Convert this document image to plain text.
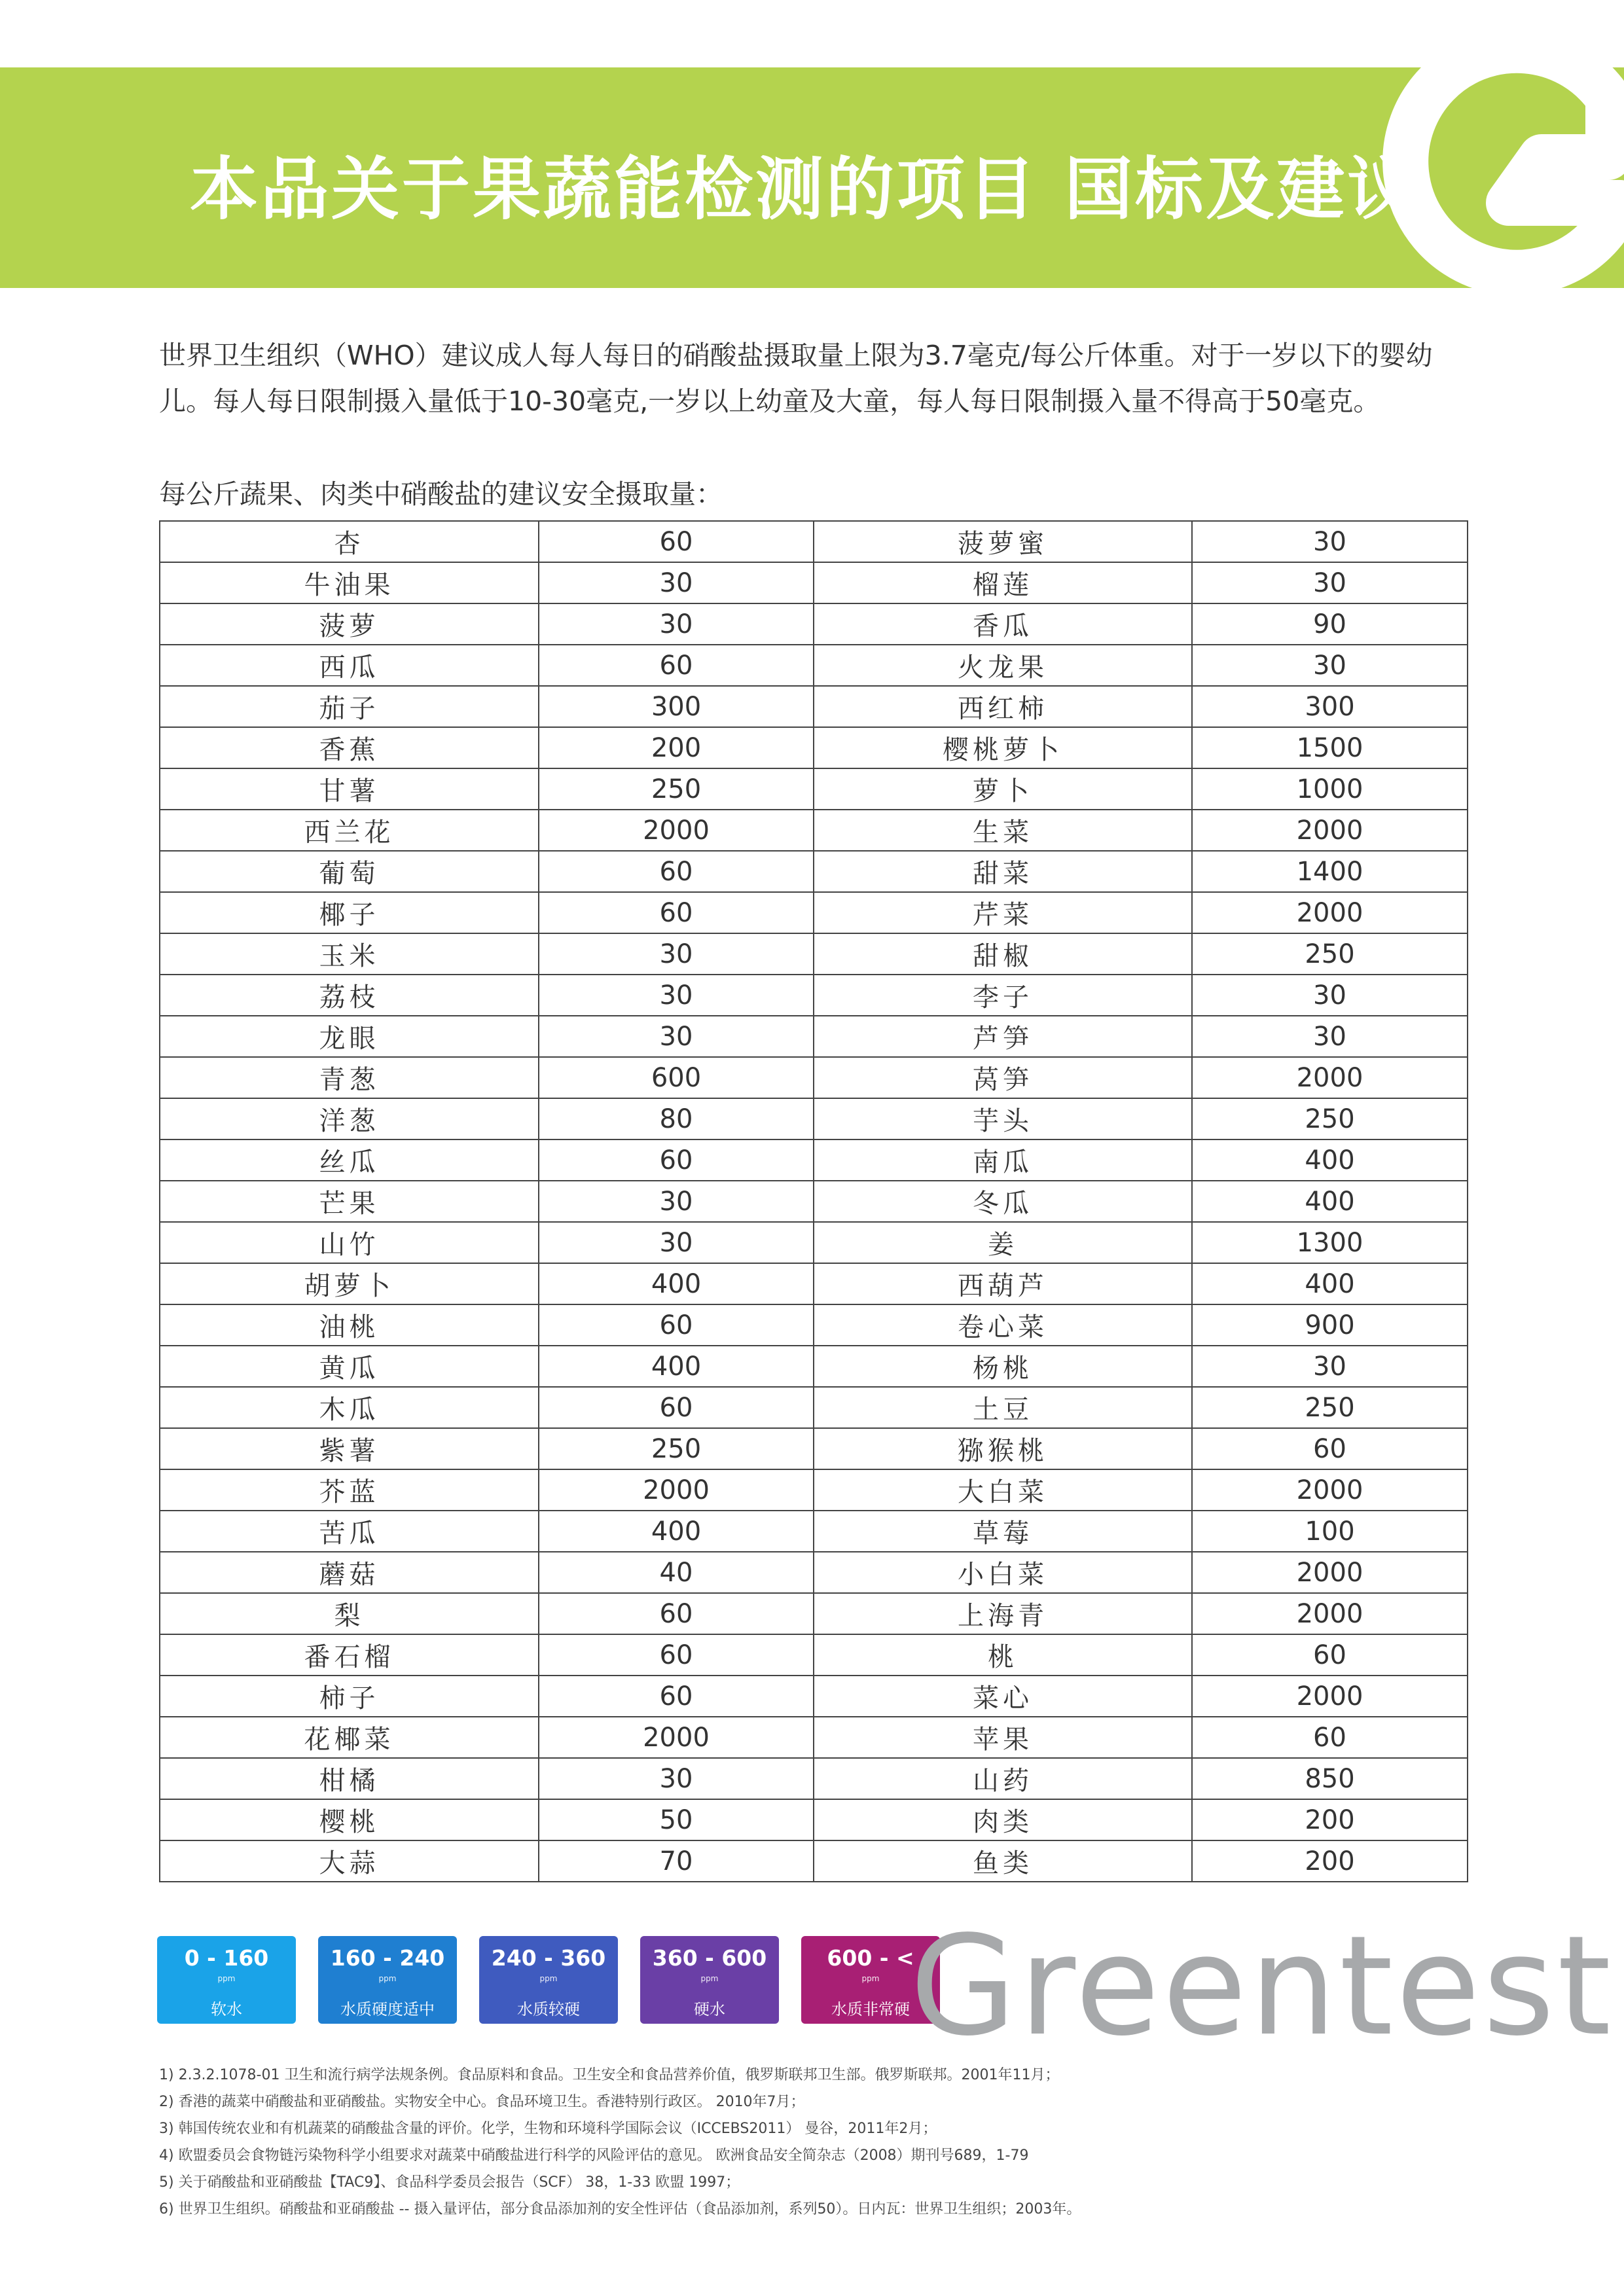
本品关于果蔬能检测的项目 国标及建议
世界卫生组织（WHO）建议成人每人每日的硝酸盐摄取量上限为3.7毫克/每公斤体重。对于一岁以下的婴幼儿。每人每日限制摄入量低于10-30毫克,一岁以上幼童及大童，每人每日限制摄入量不得高于50毫克。
每公斤蔬果、肉类中硝酸盐的建议安全摄取量：
杏	60	菠萝蜜	30
牛油果	30	榴莲	30
菠萝	30	香瓜	90
西瓜	60	火龙果	30
茄子	300	西红柿	300
香蕉	200	樱桃萝卜	1500
甘薯	250	萝卜	1000
西兰花	2000	生菜	2000
葡萄	60	甜菜	1400
椰子	60	芹菜	2000
玉米	30	甜椒	250
荔枝	30	李子	30
龙眼	30	芦笋	30
青葱	600	莴笋	2000
洋葱	80	芋头	250
丝瓜	60	南瓜	400
芒果	30	冬瓜	400
山竹	30	姜	1300
胡萝卜	400	西葫芦	400
油桃	60	卷心菜	900
黄瓜	400	杨桃	30
木瓜	60	土豆	250
紫薯	250	猕猴桃	60
芥蓝	2000	大白菜	2000
苦瓜	400	草莓	100
蘑菇	40	小白菜	2000
梨	60	上海青	2000
番石榴	60	桃	60
柿子	60	菜心	2000
花椰菜	2000	苹果	60
柑橘	30	山药	850
樱桃	50	肉类	200
大蒜	70	鱼类	200
0 - 160
ppm
软水
160 - 240
ppm
水质硬度适中
240 - 360
ppm
水质较硬
360 - 600
ppm
硬水
600 - <
ppm
水质非常硬 Greentest
1) 2.3.2.1078-01 卫生和流行病学法规条例。食品原料和食品。卫生安全和食品营养价值，俄罗斯联邦卫生部。俄罗斯联邦。2001年11月；
2) 香港的蔬菜中硝酸盐和亚硝酸盐。实物安全中心。食品环境卫生。香港特别行政区。 2010年7月；
3) 韩国传统农业和有机蔬菜的硝酸盐含量的评价。化学，生物和环境科学国际会议（ICCEBS2011） 曼谷，2011年2月；
4) 欧盟委员会食物链污染物科学小组要求对蔬菜中硝酸盐进行科学的风险评估的意见。 欧洲食品安全简杂志（2008）期刊号689，1-79
5) 关于硝酸盐和亚硝酸盐【TAC9】、食品科学委员会报告（SCF） 38，1-33 欧盟 1997；
6) 世界卫生组织。硝酸盐和亚硝酸盐 -- 摄入量评估，部分食品添加剂的安全性评估（食品添加剂，系列50）。日内瓦：世界卫生组织；2003年。
